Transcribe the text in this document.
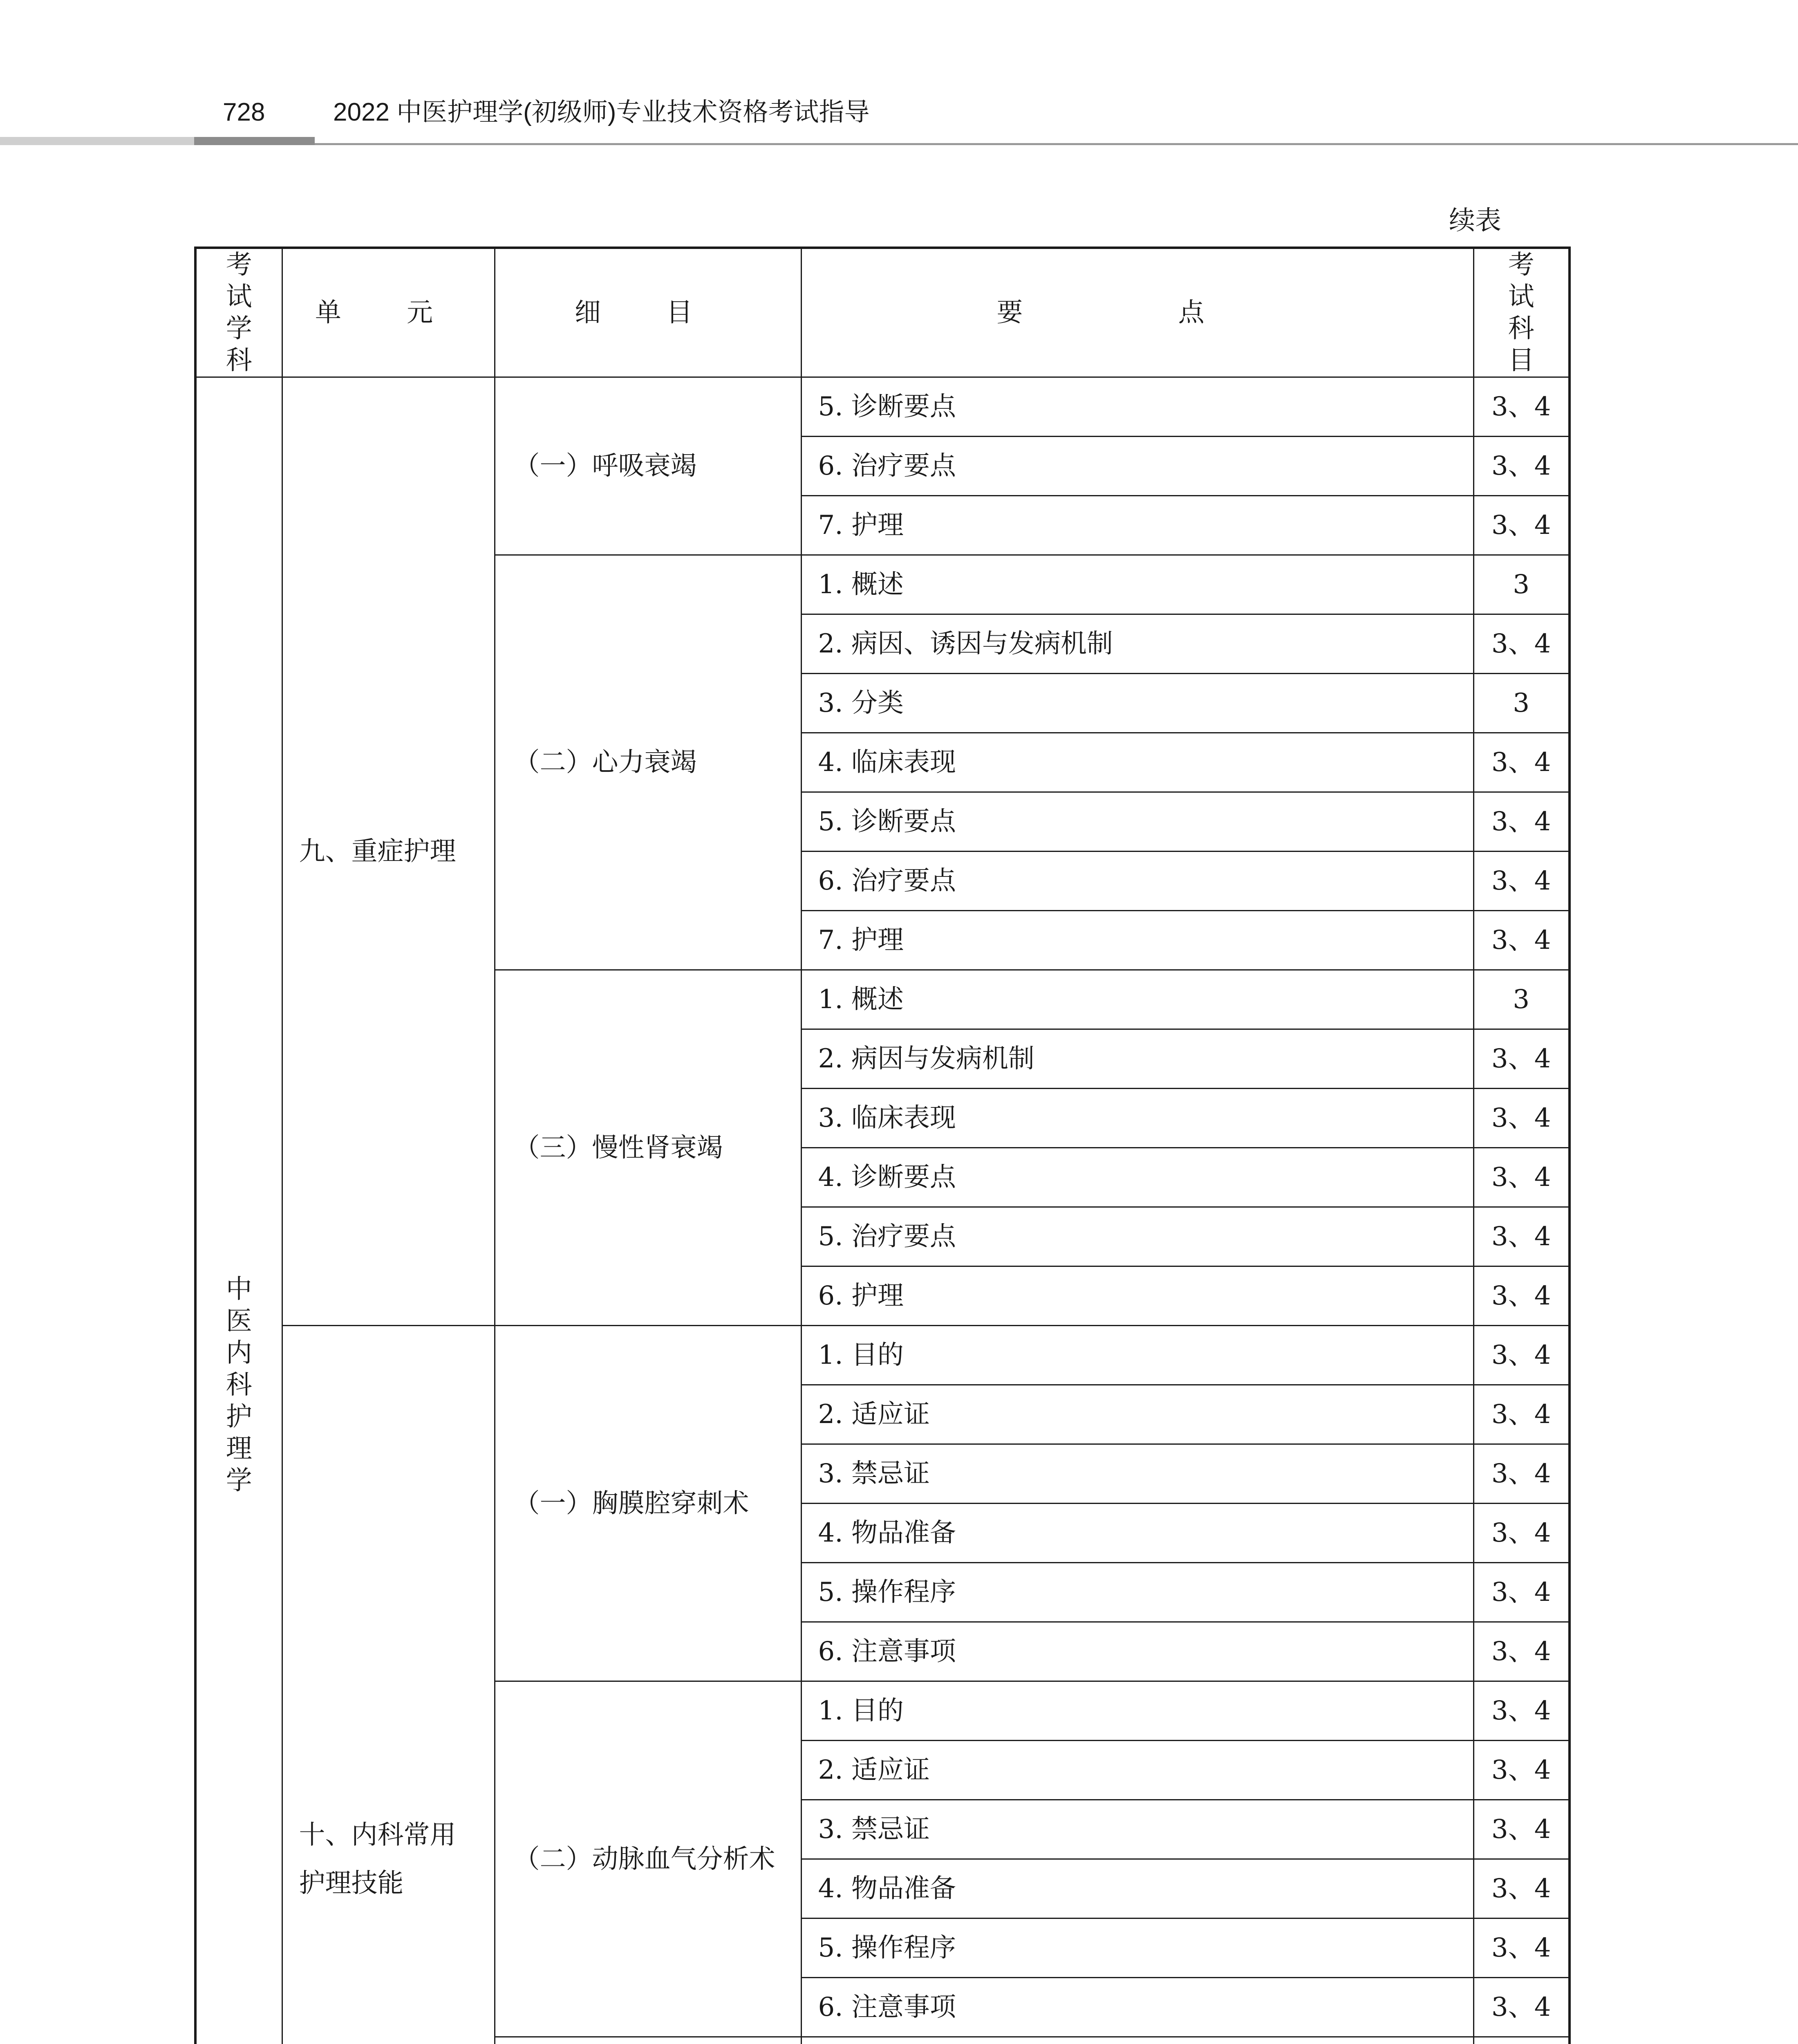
728	2022 中医护理学(初级师)专业技术资格考试指导
续表
考试学科	单 元	细 目	要 点	考试科目

中医内科护理学	九、重症护理	（一）呼吸衰竭	5. 诊断要点	3、4
			6. 治疗要点	3、4
			7. 护理	3、4
		（二）心力衰竭	1. 概述	3
			2. 病因、诱因与发病机制	3、4
			3. 分类	3
			4. 临床表现	3、4
			5. 诊断要点	3、4
			6. 治疗要点	3、4
			7. 护理	3、4
		（三）慢性肾衰竭	1. 概述	3
			2. 病因与发病机制	3、4
			3. 临床表现	3、4
			4. 诊断要点	3、4
			5. 治疗要点	3、4
			6. 护理	3、4
	十、内科常用护理技能	（一）胸膜腔穿刺术	1. 目的	3、4
			2. 适应证	3、4
			3. 禁忌证	3、4
			4. 物品准备	3、4
			5. 操作程序	3、4
			6. 注意事项	3、4
		（二）动脉血气分析术	1. 目的	3、4
			2. 适应证	3、4
			3. 禁忌证	3、4
			4. 物品准备	3、4
			5. 操作程序	3、4
			6. 注意事项	3、4
